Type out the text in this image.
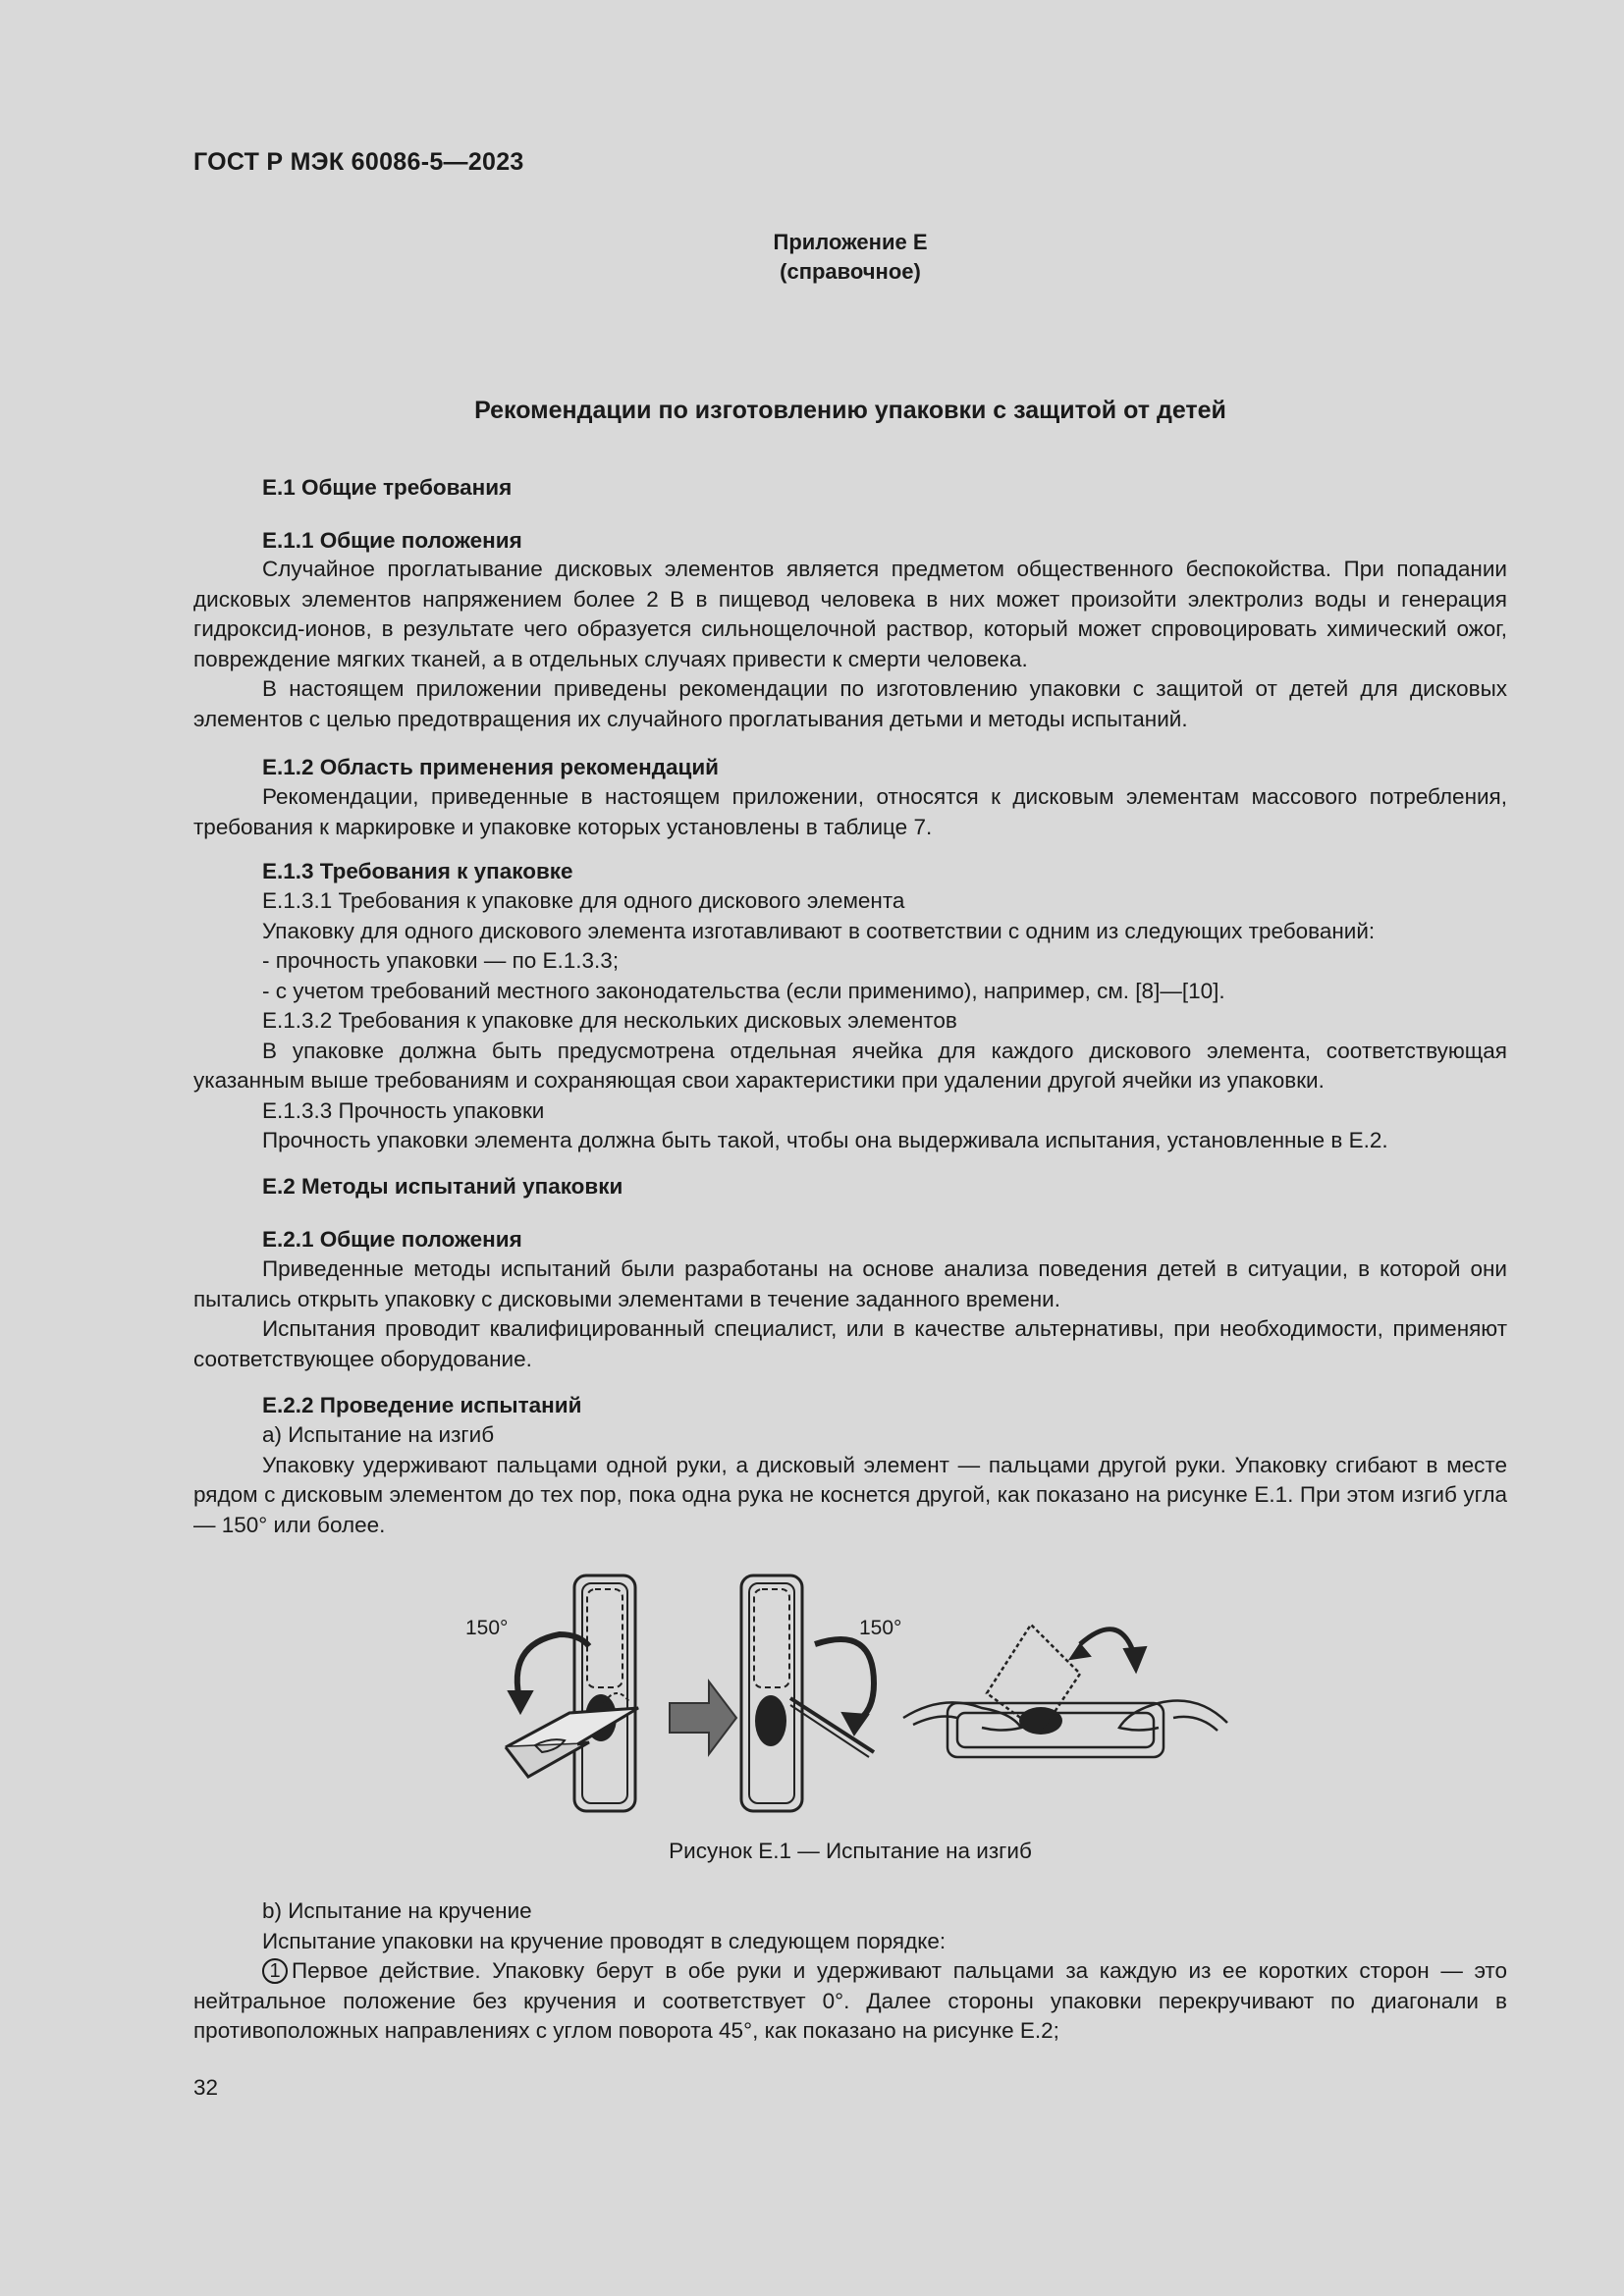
ГОСТ Р МЭК 60086-5—2023
Приложение Е
(справочное)
Рекомендации по изготовлению упаковки с защитой от детей
Е.1 Общие требования
Е.1.1 Общие положения

Случайное проглатывание дисковых элементов является предметом общественного беспокойства. При попадании дисковых элементов напряжением более 2 В в пищевод человека в них может произойти электролиз воды и генерация гидроксид-ионов, в результате чего образуется сильнощелочной раствор, который может спровоцировать химический ожог, повреждение мягких тканей, а в отдельных случаях привести к смерти человека.

В настоящем приложении приведены рекомендации по изготовлению упаковки с защитой от детей для дисковых элементов с целью предотвращения их случайного проглатывания детьми и методы испытаний.

Е.1.2 Область применения рекомендаций

Рекомендации, приведенные в настоящем приложении, относятся к дисковым элементам массового потребления, требования к маркировке и упаковке которых установлены в таблице 7.

Е.1.3 Требования к упаковке

Е.1.3.1 Требования к упаковке для одного дискового элемента

Упаковку для одного дискового элемента изготавливают в соответствии с одним из следующих требований:

- прочность упаковки — по Е.1.3.3;

- с учетом требований местного законодательства (если применимо), например, см. [8]—[10].

Е.1.3.2 Требования к упаковке для нескольких дисковых элементов

В упаковке должна быть предусмотрена отдельная ячейка для каждого дискового элемента, соответствующая указанным выше требованиям и сохраняющая свои характеристики при удалении другой ячейки из упаковки.

Е.1.3.3 Прочность упаковки

Прочность упаковки элемента должна быть такой, чтобы она выдерживала испытания, установленные в Е.2.

Е.2 Методы испытаний упаковки
Е.2.1 Общие положения

Приведенные методы испытаний были разработаны на основе анализа поведения детей в ситуации, в которой они пытались открыть упаковку с дисковыми элементами в течение заданного времени.

Испытания проводит квалифицированный специалист, или в качестве альтернативы, при необходимости, применяют соответствующее оборудование.

Е.2.2 Проведение испытаний

а) Испытание на изгиб

Упаковку удерживают пальцами одной руки, а дисковый элемент — пальцами другой руки. Упаковку сгибают в месте рядом с дисковым элементом до тех пор, пока одна рука не коснется другой, как показано на рисунке Е.1. При этом изгиб угла — 150° или более.

150°	150°
Рисунок Е.1 — Испытание на изгиб

b) Испытание на кручение

Испытание упаковки на кручение проводят в следующем порядке:

1 Первое действие. Упаковку берут в обе руки и удерживают пальцами за каждую из ее коротких сторон — это нейтральное положение без кручения и соответствует 0°. Далее стороны упаковки перекручивают по диагонали в противоположных направлениях с углом поворота 45°, как показано на рисунке Е.2;

32
